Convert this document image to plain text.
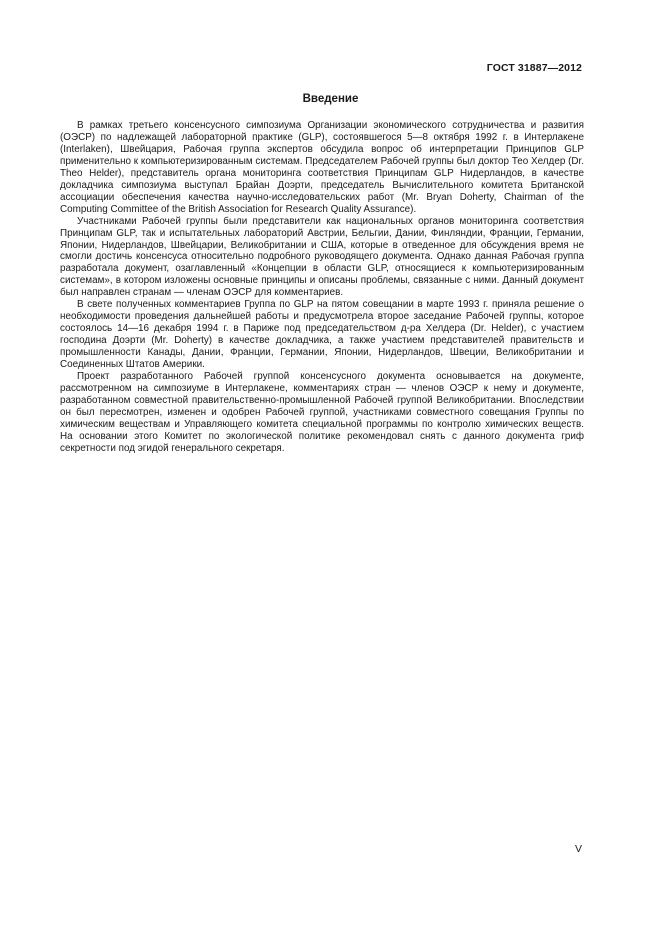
ГОСТ 31887—2012
Введение

В рамках третьего консенсусного симпозиума Организации экономического сотрудничества и развития (ОЭСР) по надлежащей лабораторной практике (GLP), состоявшегося 5—8 октября 1992 г. в Интерлакене (Interlaken), Швейцария, Рабочая группа экспертов обсудила вопрос об интерпретации Принципов GLP применительно к компьютеризированным системам. Председателем Рабочей группы был доктор Тео Хелдер (Dr. Theo Helder), представитель органа мониторинга соответствия Принципам GLP Нидерландов, в качестве докладчика симпозиума выступал Брайан Доэрти, председатель Вычислительного комитета Британской ассоциации обеспечения качества научно-исследовательских работ (Mr. Bryan Doherty, Chairman of the Computing Committee of the British Association for Research Quality Assurance).

Участниками Рабочей группы были представители как национальных органов мониторинга соответствия Принципам GLP, так и испытательных лабораторий Австрии, Бельгии, Дании, Финляндии, Франции, Германии, Японии, Нидерландов, Швейцарии, Великобритании и США, которые в отведенное для обсуждения время не смогли достичь консенсуса относительно подробного руководящего документа. Однако данная Рабочая группа разработала документ, озаглавленный «Концепции в области GLP, относящиеся к компьютеризированным системам», в котором изложены основные принципы и описаны проблемы, связанные с ними. Данный документ был направлен странам — членам ОЭСР для комментариев.

В свете полученных комментариев Группа по GLP на пятом совещании в марте 1993 г. приняла решение о необходимости проведения дальнейшей работы и предусмотрела второе заседание Рабочей группы, которое состоялось 14—16 декабря 1994 г. в Париже под председательством д-ра Хелдера (Dr. Helder), с участием господина Доэрти (Mr. Doherty) в качестве докладчика, а также участием представителей правительств и промышленности Канады, Дании, Франции, Германии, Японии, Нидерландов, Швеции, Великобритании и Соединенных Штатов Америки.

Проект разработанного Рабочей группой консенсусного документа основывается на документе, рассмотренном на симпозиуме в Интерлакене, комментариях стран — членов ОЭСР к нему и документе, разработанном совместной правительственно-промышленной Рабочей группой Великобритании. Впоследствии он был пересмотрен, изменен и одобрен Рабочей группой, участниками совместного совещания Группы по химическим веществам и Управляющего комитета специальной программы по контролю химических веществ. На основании этого Комитет по экологической политике рекомендовал снять с данного документа гриф секретности под эгидой генерального секретаря.

V
